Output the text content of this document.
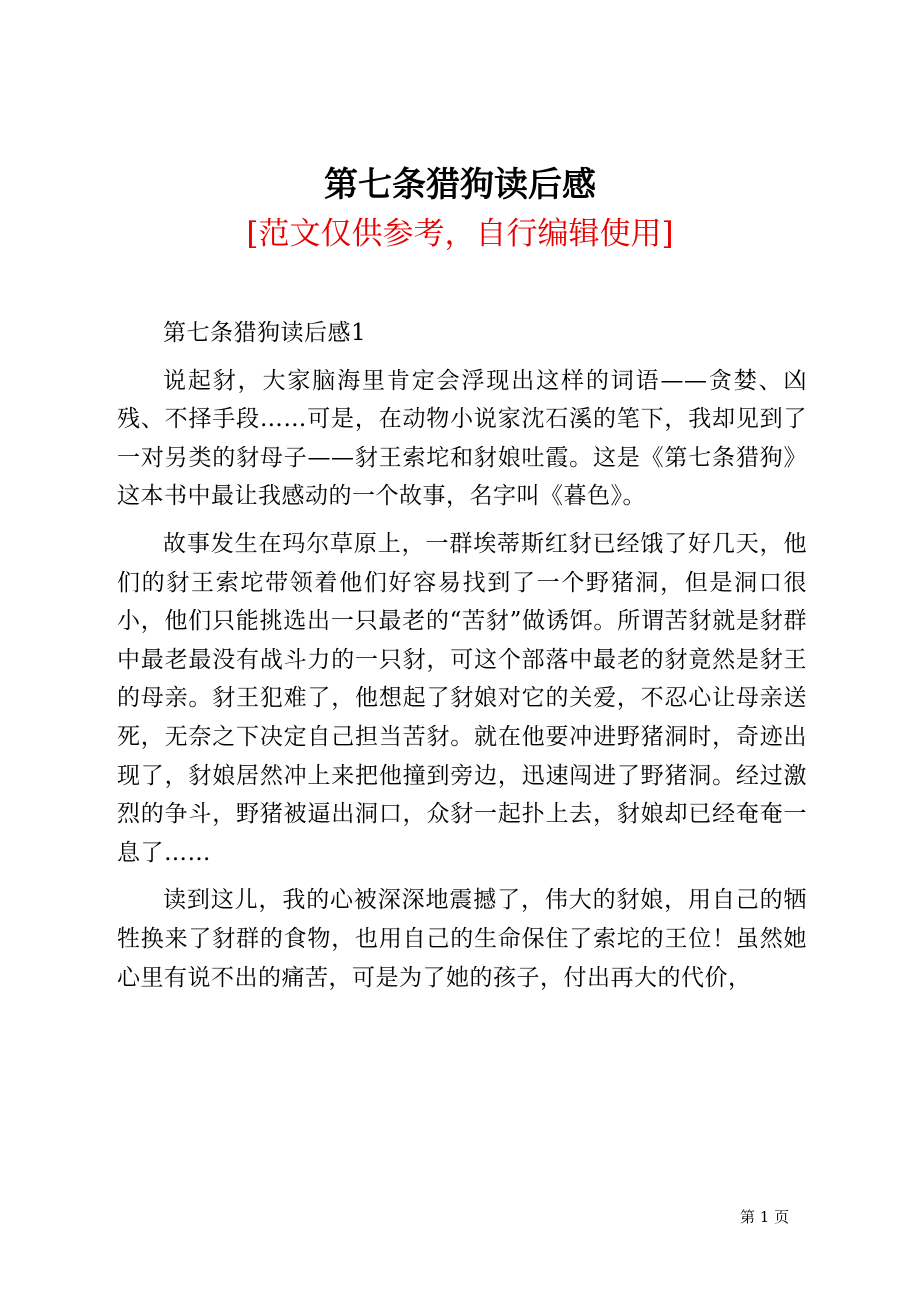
第七条猎狗读后感
[范文仅供参考，自行编辑使用]

第七条猎狗读后感1

说起豺，大家脑海里肯定会浮现出这样的词语——贪婪、凶残、不择手段……可是，在动物小说家沈石溪的笔下，我却见到了一对另类的豺母子——豺王索坨和豺娘吐霞。这是《第七条猎狗》这本书中最让我感动的一个故事，名字叫《暮色》。

故事发生在玛尔草原上，一群埃蒂斯红豺已经饿了好几天，他们的豺王索坨带领着他们好容易找到了一个野猪洞，但是洞口很小，他们只能挑选出一只最老的“苦豺”做诱饵。所谓苦豺就是豺群中最老最没有战斗力的一只豺，可这个部落中最老的豺竟然是豺王的母亲。豺王犯难了，他想起了豺娘对它的关爱，不忍心让母亲送死，无奈之下决定自己担当苦豺。就在他要冲进野猪洞时，奇迹出现了，豺娘居然冲上来把他撞到旁边，迅速闯进了野猪洞。经过激烈的争斗，野猪被逼出洞口，众豺一起扑上去，豺娘却已经奄奄一息了……

读到这儿，我的心被深深地震撼了，伟大的豺娘，用自己的牺牲换来了豺群的食物，也用自己的生命保住了索坨的王位！虽然她心里有说不出的痛苦，可是为了她的孩子，付出再大的代价，

第 1 页
